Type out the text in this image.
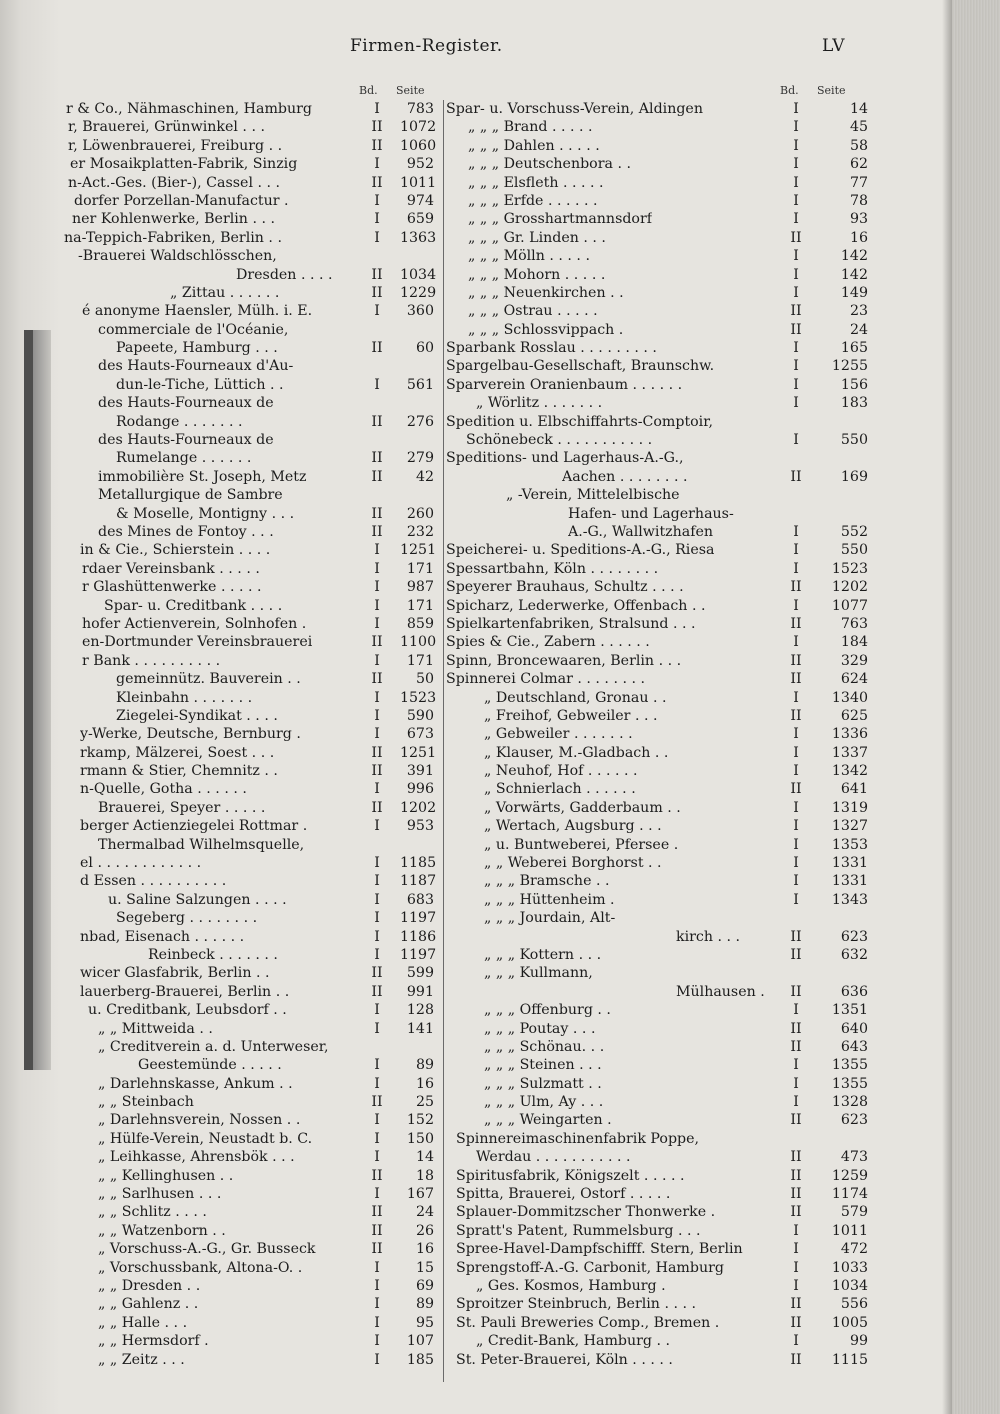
Firmen-Register.	LV
Bd. Seite	Bd. Seite
r & Co., Nähmaschinen, Hamburg	I	783
r, Brauerei, Grünwinkel . . .	II	1072
r, Löwenbrauerei, Freiburg . .	II	1060
er Mosaikplatten-Fabrik, Sinzig	I	952
n-Act.-Ges. (Bier-), Cassel . . .	II	1011
dorfer Porzellan-Manufactur .	I	974
ner Kohlenwerke, Berlin . . .	I	659
na-Teppich-Fabriken, Berlin . .	I	1363
-Brauerei Waldschlösschen,
Dresden . . . .	II	1034
„ Zittau . . . . . .	II	1229
é anonyme Haensler, Mülh. i. E.	I	360
commerciale de l'Océanie,
Papeete, Hamburg . . .	II	60
des Hauts-Fourneaux d'Au-
dun-le-Tiche, Lüttich . .	I	561
des Hauts-Fourneaux de
Rodange . . . . . . .	II	276
des Hauts-Fourneaux de
Rumelange . . . . . .	II	279
immobilière St. Joseph, Metz	II	42
Metallurgique de Sambre
& Moselle, Montigny . . .	II	260
des Mines de Fontoy . . .	II	232
in & Cie., Schierstein . . . .	I	1251
rdaer Vereinsbank . . . . .	I	171
r Glashüttenwerke . . . . .	I	987
Spar- u. Creditbank . . . .	I	171
hofer Actienverein, Solnhofen .	I	859
en-Dortmunder Vereinsbrauerei	II	1100
r Bank . . . . . . . . . .	I	171
gemeinnütz. Bauverein . .	II	50
Kleinbahn . . . . . . .	I	1523
Ziegelei-Syndikat . . . .	I	590
y-Werke, Deutsche, Bernburg .	I	673
rkamp, Mälzerei, Soest . . .	II	1251
rmann & Stier, Chemnitz . .	II	391
n-Quelle, Gotha . . . . . .	I	996
Brauerei, Speyer . . . . .	II	1202
berger Actienziegelei Rottmar .	I	953
Thermalbad Wilhelmsquelle,
el . . . . . . . . . . . .	I	1185
d Essen . . . . . . . . . .	I	1187
u. Saline Salzungen . . . .	I	683
Segeberg . . . . . . . .	I	1197
nbad, Eisenach . . . . . .	I	1186
Reinbeck . . . . . . .	I	1197
wicer Glasfabrik, Berlin . .	II	599
lauerberg-Brauerei, Berlin . .	II	991
u. Creditbank, Leubsdorf . .	I	128
„ „ Mittweida . .	I	141
„ Creditverein a. d. Unterweser,
Geestemünde . . . . .	I	89
„ Darlehnskasse, Ankum . .	I	16
„ „ Steinbach	II	25
„ Darlehnsverein, Nossen . .	I	152
„ Hülfe-Verein, Neustadt b. C.	I	150
„ Leihkasse, Ahrensbök . . .	I	14
„ „ Kellinghusen . .	II	18
„ „ Sarlhusen . . .	I	167
„ „ Schlitz . . . .	II	24
„ „ Watzenborn . .	II	26
„ Vorschuss-A.-G., Gr. Busseck	II	16
„ Vorschussbank, Altona-O. .	I	15
„ „ Dresden . .	I	69
„ „ Gahlenz . .	I	89
„ „ Halle . . .	I	95
„ „ Hermsdorf .	I	107
„ „ Zeitz . . .	I	185
Spar- u. Vorschuss-Verein, Aldingen	I	14
„ „ „ Brand . . . . .	I	45
„ „ „ Dahlen . . . . .	I	58
„ „ „ Deutschenbora . .	I	62
„ „ „ Elsfleth . . . . .	I	77
„ „ „ Erfde . . . . . .	I	78
„ „ „ Grosshartmannsdorf	I	93
„ „ „ Gr. Linden . . .	II	16
„ „ „ Mölln . . . . .	I	142
„ „ „ Mohorn . . . . .	I	142
„ „ „ Neuenkirchen . .	I	149
„ „ „ Ostrau . . . . .	II	23
„ „ „ Schlossvippach .	II	24
Sparbank Rosslau . . . . . . . . .	I	165
Spargelbau-Gesellschaft, Braunschw.	I	1255
Sparverein Oranienbaum . . . . . .	I	156
„ Wörlitz . . . . . . .	I	183
Spedition u. Elbschiffahrts-Comptoir,
Schönebeck . . . . . . . . . . .	I	550
Speditions- und Lagerhaus-A.-G.,
Aachen . . . . . . . .	II	169
„ -Verein, Mittelelbische
Hafen- und Lagerhaus-
A.-G., Wallwitzhafen	I	552
Speicherei- u. Speditions-A.-G., Riesa	I	550
Spessartbahn, Köln . . . . . . . .	I	1523
Speyerer Brauhaus, Schultz . . . .	II	1202
Spicharz, Lederwerke, Offenbach . .	I	1077
Spielkartenfabriken, Stralsund . . .	II	763
Spies & Cie., Zabern . . . . . .	I	184
Spinn, Broncewaaren, Berlin . . .	II	329
Spinnerei Colmar . . . . . . . .	II	624
„ Deutschland, Gronau . .	I	1340
„ Freihof, Gebweiler . . .	II	625
„ Gebweiler . . . . . . .	I	1336
„ Klauser, M.-Gladbach . .	I	1337
„ Neuhof, Hof . . . . . .	I	1342
„ Schnierlach . . . . . .	II	641
„ Vorwärts, Gadderbaum . .	I	1319
„ Wertach, Augsburg . . .	I	1327
„ u. Buntweberei, Pfersee .	I	1353
„ „ Weberei Borghorst . .	I	1331
„ „ „ Bramsche . .	I	1331
„ „ „ Hüttenheim .	I	1343
„ „ „ Jourdain, Alt-
kirch . . .	II	623
„ „ „ Kottern . . .	II	632
„ „ „ Kullmann,
Mülhausen .	II	636
„ „ „ Offenburg . .	I	1351
„ „ „ Poutay . . .	II	640
„ „ „ Schönau. . .	II	643
„ „ „ Steinen . . .	I	1355
„ „ „ Sulzmatt . .	I	1355
„ „ „ Ulm, Ay . . .	I	1328
„ „ „ Weingarten .	II	623
Spinnereimaschinenfabrik Poppe,
Werdau . . . . . . . . . . .	II	473
Spiritusfabrik, Königszelt . . . . .	II	1259
Spitta, Brauerei, Ostorf . . . . .	II	1174
Splauer-Dommitzscher Thonwerke .	II	579
Spratt's Patent, Rummelsburg . . .	I	1011
Spree-Havel-Dampfschifff. Stern, Berlin	I	472
Sprengstoff-A.-G. Carbonit, Hamburg	I	1033
„ Ges. Kosmos, Hamburg .	I	1034
Sproitzer Steinbruch, Berlin . . . .	II	556
St. Pauli Breweries Comp., Bremen .	II	1005
„ Credit-Bank, Hamburg . .	I	99
St. Peter-Brauerei, Köln . . . . .	II	1115
